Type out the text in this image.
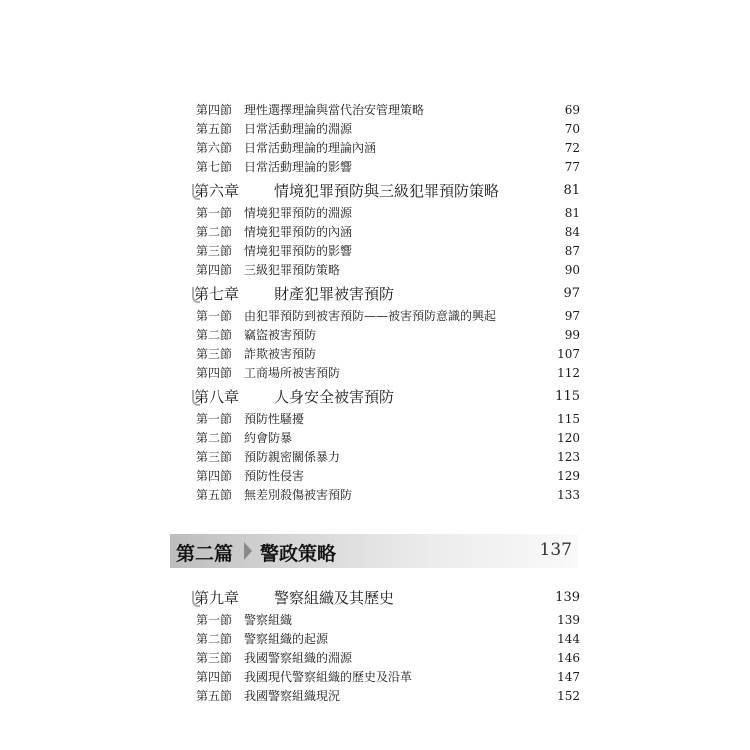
第四節 理性選擇理論與當代治安管理策略	69
第五節 日常活動理論的淵源	70
第六節 日常活動理論的理論內涵	72
第七節 日常活動理論的影響	77
第六章 情境犯罪預防與三級犯罪預防策略	81
第一節 情境犯罪預防的淵源	81
第二節 情境犯罪預防的內涵	84
第三節 情境犯罪預防的影響	87
第四節 三級犯罪預防策略	90
第七章 財產犯罪被害預防	97
第一節 由犯罪預防到被害預防——被害預防意識的興起	97
第二節 竊盜被害預防	99
第三節 詐欺被害預防	107
第四節 工商場所被害預防	112
第八章 人身安全被害預防	115
第一節 預防性騷擾	115
第二節 約會防暴	120
第三節 預防親密關係暴力	123
第四節 預防性侵害	129
第五節 無差別殺傷被害預防	133
第二篇 警政策略	137
第九章 警察組織及其歷史	139
第一節 警察組織	139
第二節 警察組織的起源	144
第三節 我國警察組織的淵源	146
第四節 我國現代警察組織的歷史及沿革	147
第五節 我國警察組織現況	152
